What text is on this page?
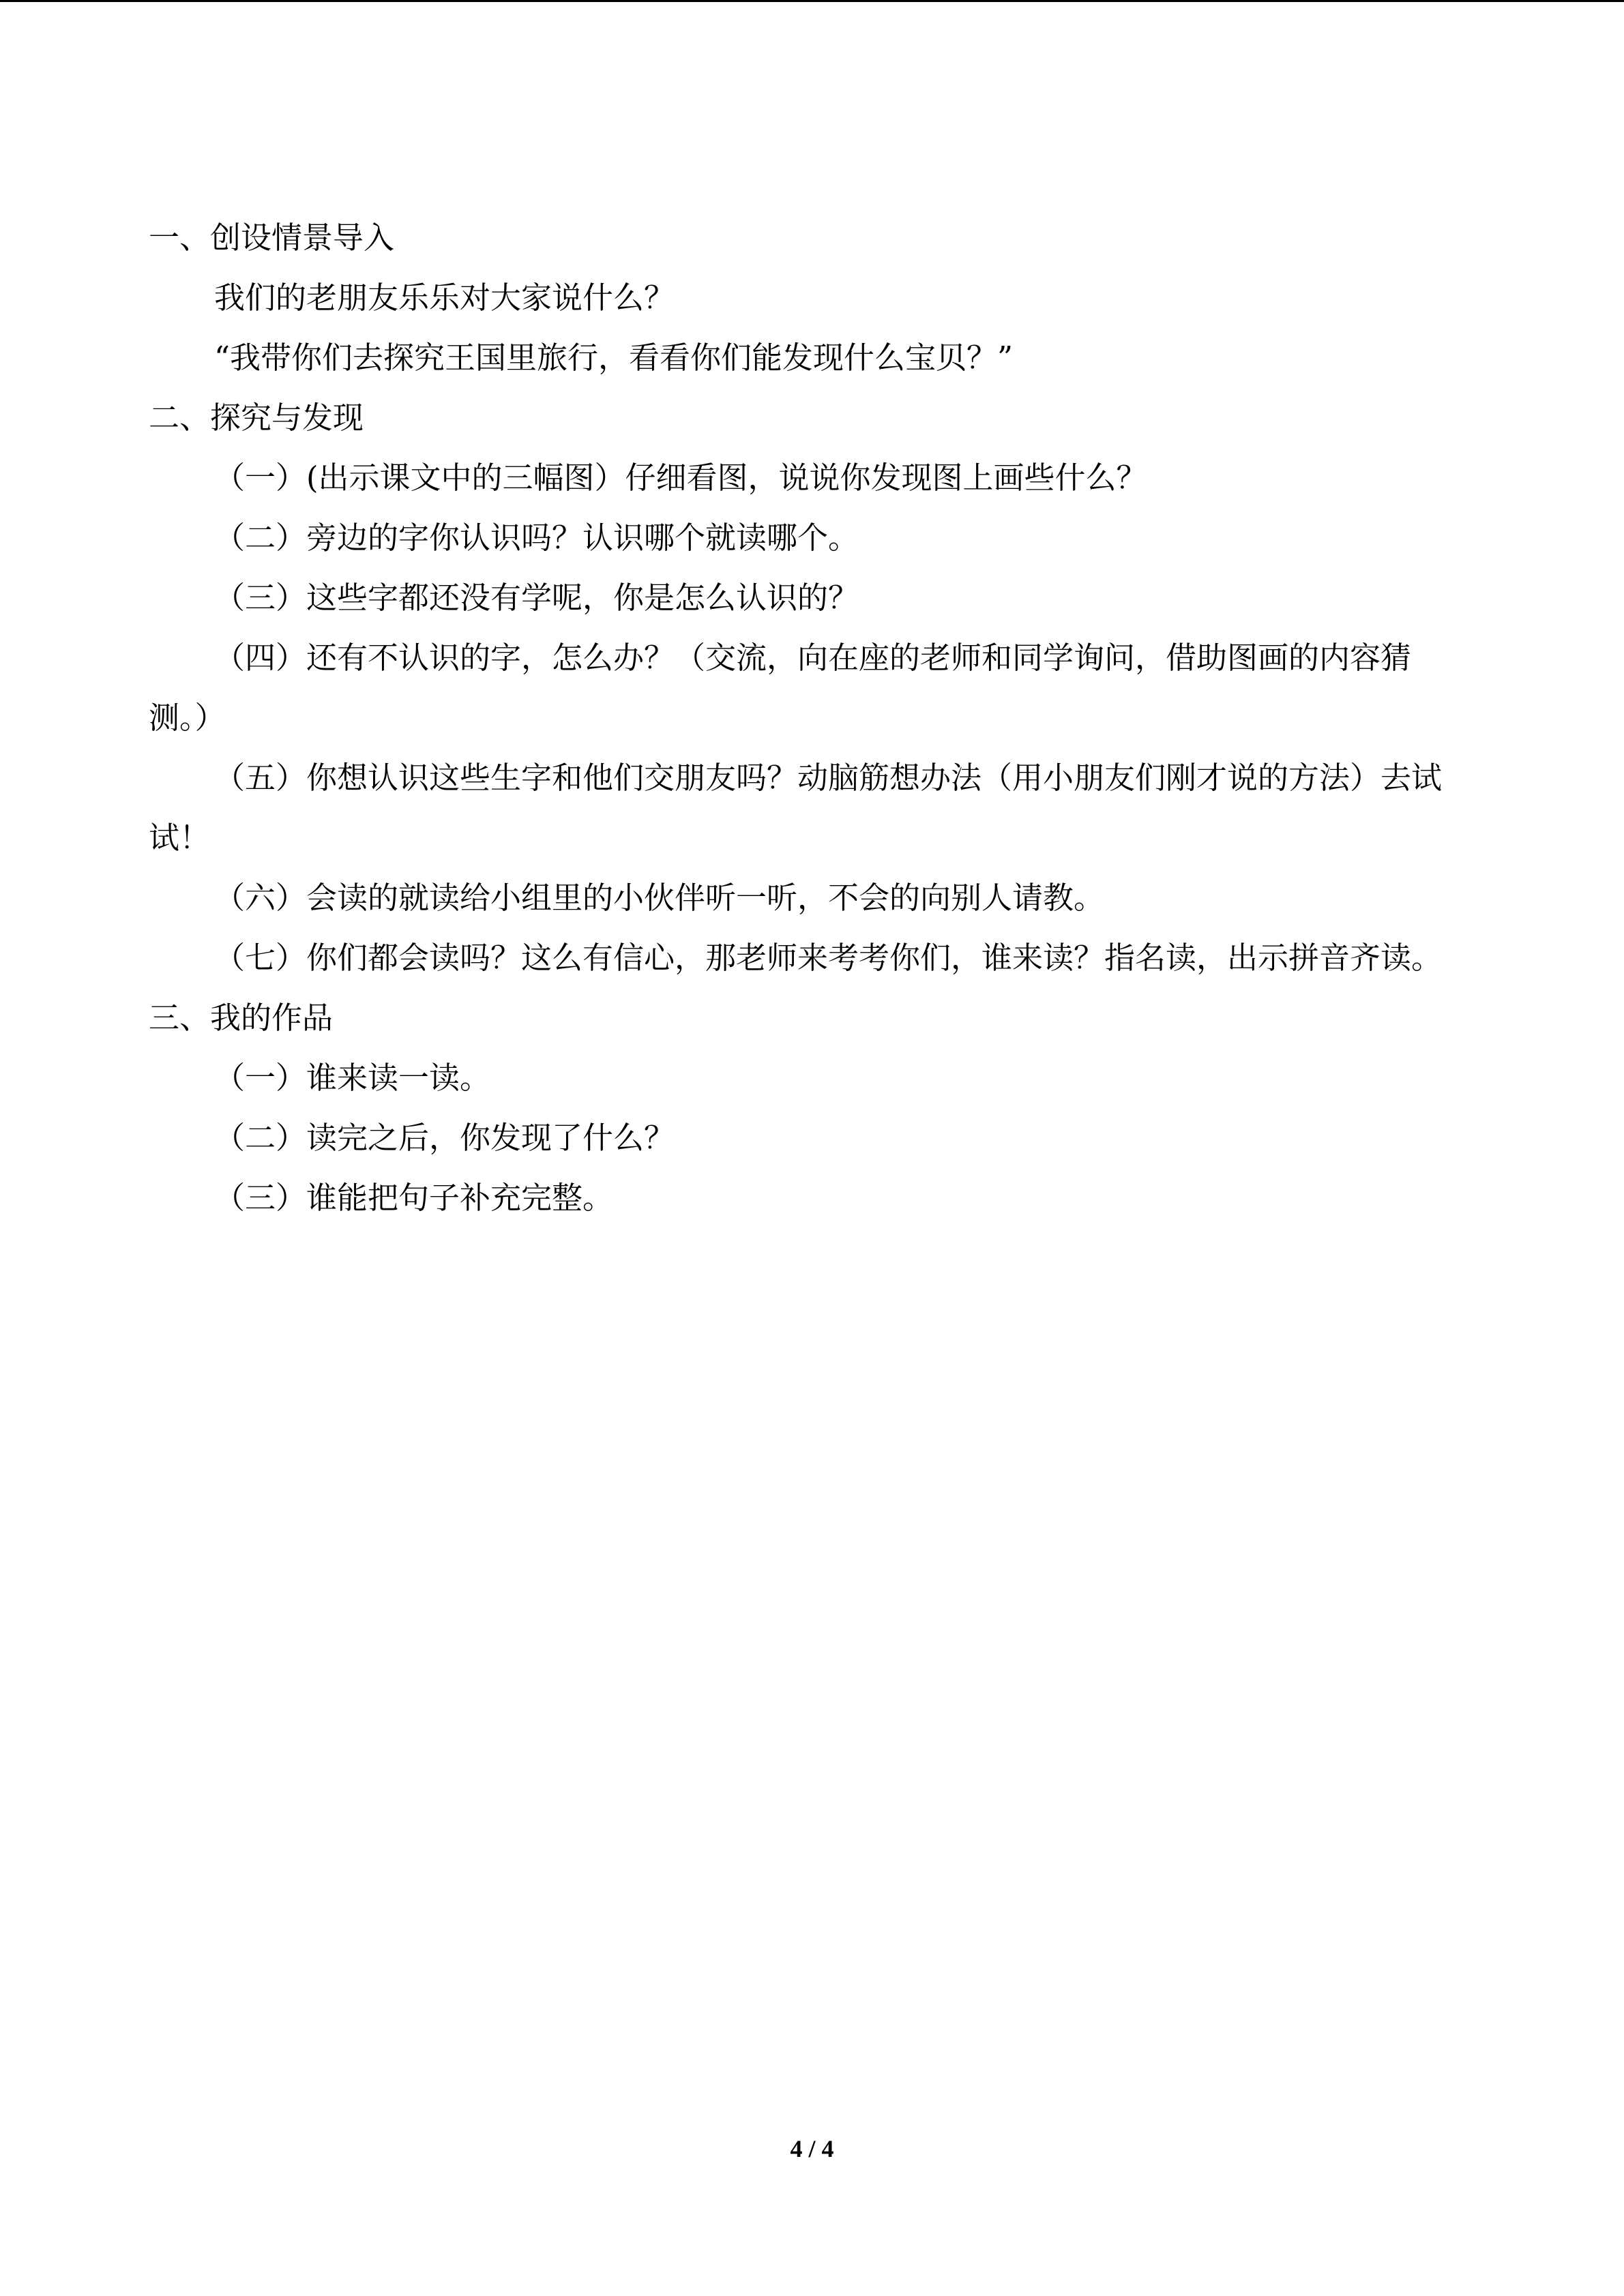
一、创设情景导入

我们的老朋友乐乐对大家说什么？

“我带你们去探究王国里旅行，看看你们能发现什么宝贝？”

二、探究与发现

（一）(出示课文中的三幅图）仔细看图，说说你发现图上画些什么？

（二）旁边的字你认识吗？认识哪个就读哪个。

（三）这些字都还没有学呢，你是怎么认识的？

（四）还有不认识的字，怎么办？（交流，向在座的老师和同学询问，借助图画的内容猜测。）

（五）你想认识这些生字和他们交朋友吗？动脑筋想办法（用小朋友们刚才说的方法）去试试！

（六）会读的就读给小组里的小伙伴听一听，不会的向别人请教。

（七）你们都会读吗？这么有信心，那老师来考考你们，谁来读？指名读，出示拼音齐读。

三、我的作品

（一）谁来读一读。

（二）读完之后，你发现了什么？

（三）谁能把句子补充完整。

4 / 4
